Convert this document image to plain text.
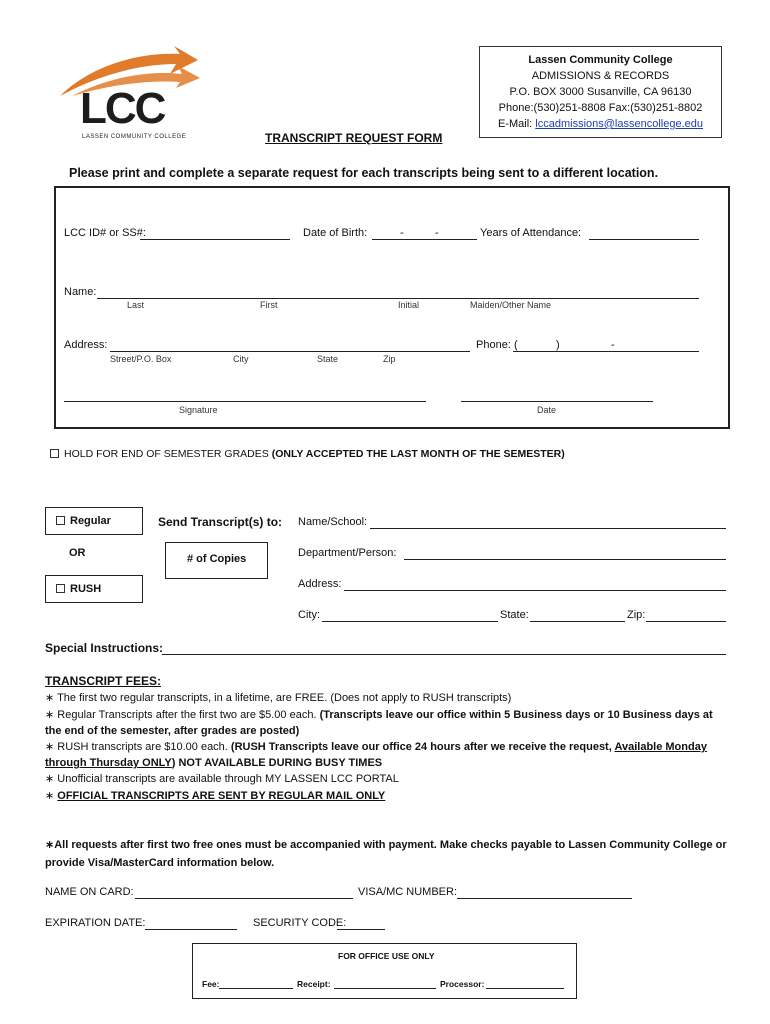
LCC
LASSEN COMMUNITY COLLEGE
Lassen Community College
ADMISSIONS & RECORDS
P.O. BOX 3000 Susanville, CA 96130
Phone:(530)251-8808 Fax:(530)251-8802
E-Mail: lccadmissions@lassencollege.edu
TRANSCRIPT REQUEST FORM
Please print and complete a separate request for each transcripts being sent to a different location.
LCC ID# or SS#:	Date of Birth:	-	-	Years of Attendance:
Name:
Last	First	Initial	Maiden/Other Name
Address:
Street/P.O. Box	City	State	Zip
Phone: (	)	-
Signature	Date
HOLD FOR END OF SEMESTER GRADES (ONLY ACCEPTED THE LAST MONTH OF THE SEMESTER)
Regular
OR
RUSH
# of Copies
Send Transcript(s) to: Name/School:
Department/Person:
Address:
City:	State:	Zip:
Special Instructions:
TRANSCRIPT FEES:
∗ The first two regular transcripts, in a lifetime, are FREE. (Does not apply to RUSH transcripts)
∗ Regular Transcripts after the first two are $5.00 each. (Transcripts leave our office within 5 Business days or 10 Business days at the end of the semester, after grades are posted)
∗ RUSH transcripts are $10.00 each. (RUSH Transcripts leave our office 24 hours after we receive the request, Available Monday through Thursday ONLY) NOT AVAILABLE DURING BUSY TIMES
∗ Unofficial transcripts are available through MY LASSEN LCC PORTAL
∗ OFFICIAL TRANSCRIPTS ARE SENT BY REGULAR MAIL ONLY
∗All requests after first two free ones must be accompanied with payment. Make checks payable to Lassen Community College or provide Visa/MasterCard information below.
NAME ON CARD:	VISA/MC NUMBER:
EXPIRATION DATE:	SECURITY CODE:
FOR OFFICE USE ONLY
Fee:	Receipt:	Processor:
